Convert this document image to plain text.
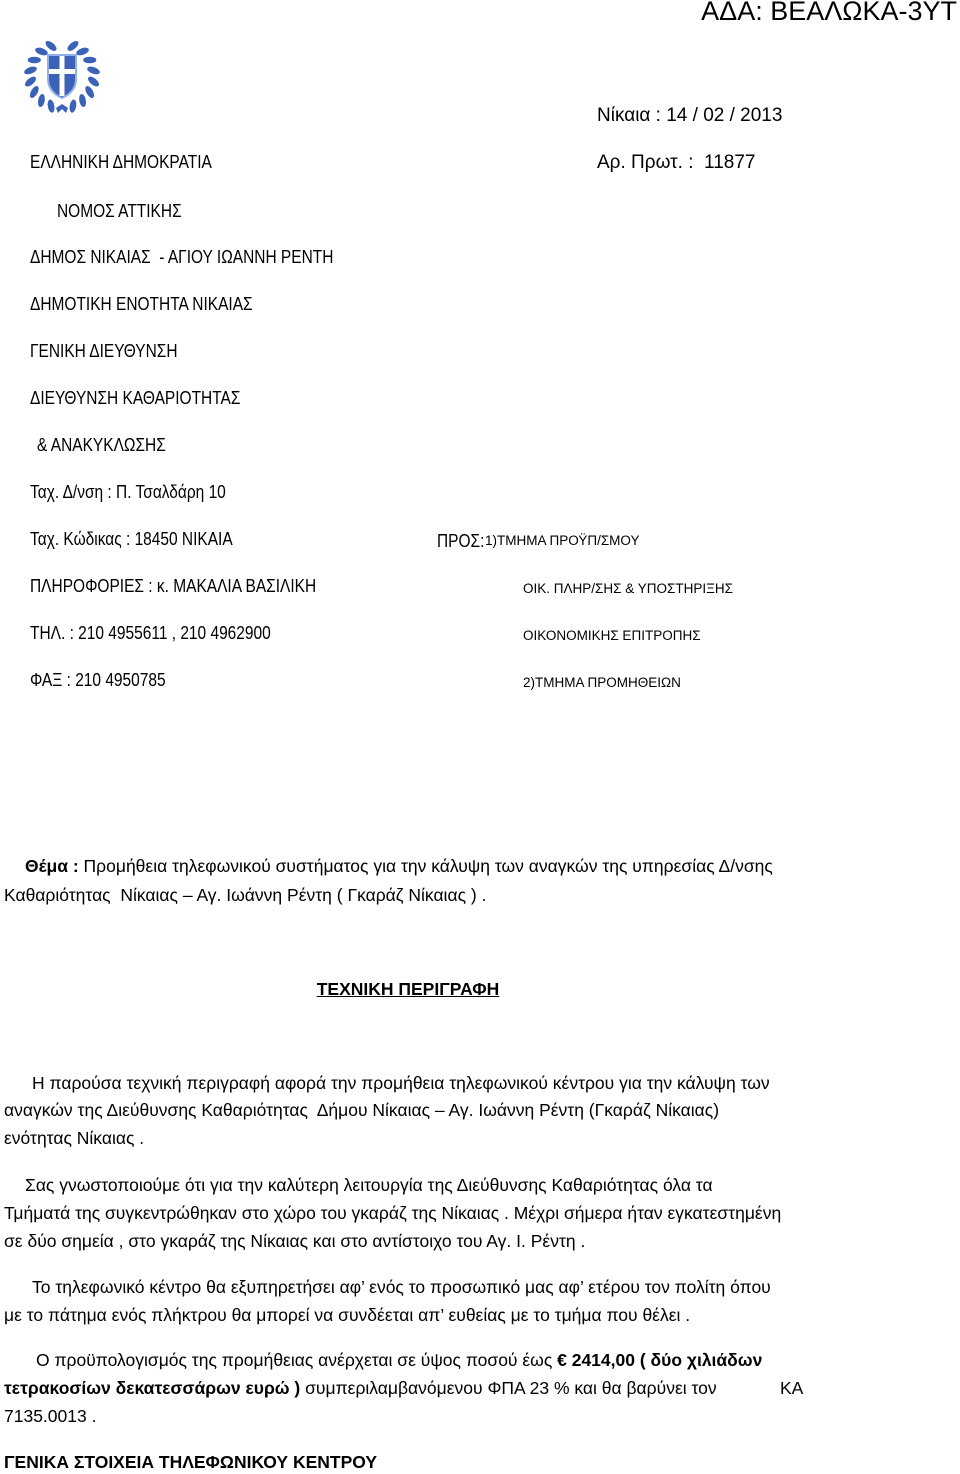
ΑΔΑ: ΒΕΑΛΩΚΑ-3ΥΤ
Νίκαια : 14 / 02 / 2013
Αρ. Πρωτ. :  11877
ΕΛΛΗΝΙΚΗ ΔΗΜΟΚΡΑΤΙΑ
ΝΟΜΟΣ ΑΤΤΙΚΗΣ
ΔΗΜΟΣ ΝΙΚΑΙΑΣ  - ΑΓΙΟΥ ΙΩΑΝΝΗ ΡΕΝΤΗ
ΔΗΜΟΤΙΚΗ ΕΝΟΤΗΤΑ ΝΙΚΑΙΑΣ
ΓΕΝΙΚΗ ΔΙΕΥΘΥΝΣΗ
ΔΙΕΥΘΥΝΣΗ ΚΑΘΑΡΙΟΤΗΤΑΣ
& ΑΝΑΚΥΚΛΩΣΗΣ
Ταχ. Δ/νση : Π. Τσαλδάρη 10
Ταχ. Κώδικας : 18450 ΝΙΚΑΙΑ
ΠΛΗΡΟΦΟΡΙΕΣ : κ. ΜΑΚΑΛΙΑ ΒΑΣΙΛΙΚΗ
ΤΗΛ. : 210 4955611 , 210 4962900
ΦΑΞ : 210 4950785
ΠΡΟΣ: 1)ΤΜΗΜΑ ΠΡΟΫΠ/ΣΜΟΥ
ΟΙΚ. ΠΛΗΡ/ΣΗΣ & ΥΠΟΣΤΗΡΙΞΗΣ
ΟΙΚΟΝΟΜΙΚΗΣ ΕΠΙΤΡΟΠΗΣ
2)ΤΜΗΜΑ ΠΡΟΜΗΘΕΙΩΝ
Θέμα : Προμήθεια τηλεφωνικού συστήματος για την κάλυψη των αναγκών της υπηρεσίας Δ/νσης
Καθαριότητας  Νίκαιας – Αγ. Ιωάννη Ρέντη ( Γκαράζ Νίκαιας ) .
ΤΕΧΝΙΚΗ ΠΕΡΙΓΡΑΦΗ
Η παρούσα τεχνική περιγραφή αφορά την προμήθεια τηλεφωνικού κέντρου για την κάλυψη των
αναγκών της Διεύθυνσης Καθαριότητας  Δήμου Νίκαιας – Αγ. Ιωάννη Ρέντη (Γκαράζ Νίκαιας)
ενότητας Νίκαιας .
Σας γνωστοποιούμε ότι για την καλύτερη λειτουργία της Διεύθυνσης Καθαριότητας όλα τα
Τμήματά της συγκεντρώθηκαν στο χώρο του γκαράζ της Νίκαιας . Μέχρι σήμερα ήταν εγκατεστημένη
σε δύο σημεία , στο γκαράζ της Νίκαιας και στο αντίστοιχο του Αγ. Ι. Ρέντη .
Το τηλεφωνικό κέντρο θα εξυπηρετήσει αφ’ ενός το προσωπικό μας αφ’ ετέρου τον πολίτη όπου
με το πάτημα ενός πλήκτρου θα μπορεί να συνδέεται απ’ ευθείας με το τμήμα που θέλει .
Ο προϋπολογισμός της προμήθειας ανέρχεται σε ύψος ποσού έως € 2414,00 ( δύο χιλιάδων
τετρακοσίων δεκατεσσάρων ευρώ ) συμπεριλαμβανόμενου ΦΠΑ 23 % και θα βαρύνει τον	ΚΑ
7135.0013 .
ΓΕΝΙΚΑ ΣΤΟΙΧΕΙΑ ΤΗΛΕΦΩΝΙΚΟΥ ΚΕΝΤΡΟΥ
